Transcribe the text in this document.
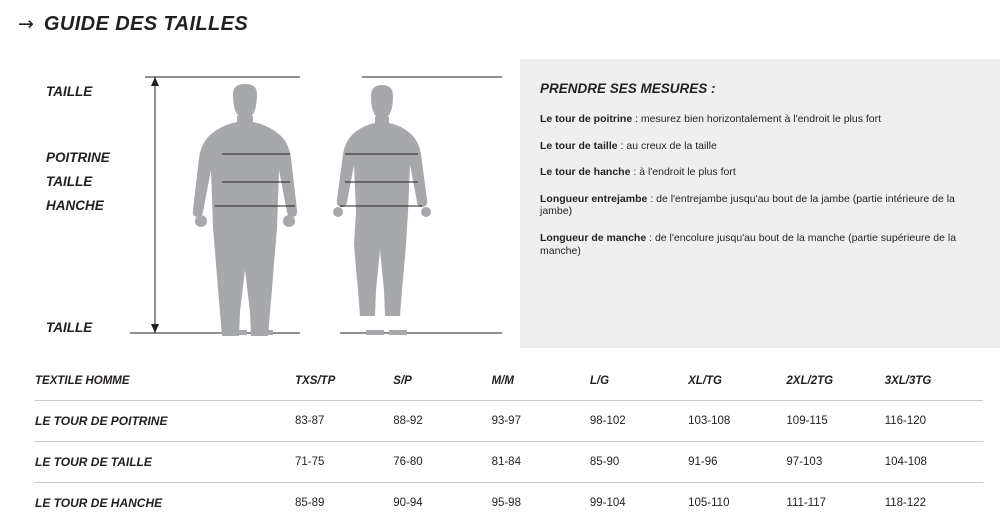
→ GUIDE DES TAILLES
TAILLE
POITRINE
TAILLE
HANCHE
TAILLE
PRENDRE SES MESURES :
Le tour de poitrine : mesurez bien horizontalement à l'endroit le plus fort
Le tour de taille : au creux de la taille
Le tour de hanche : à l'endroit le plus fort
Longueur entrejambe : de l'entrejambe jusqu'au bout de la jambe (partie intérieure de la jambe)
Longueur de manche : de l'encolure jusqu'au bout de la manche (partie supérieure de la manche)
TEXTILE HOMME	TXS/TP	S/P	M/M	L/G	XL/TG	2XL/2TG	3XL/3TG
LE TOUR DE POITRINE	83-87	88-92	93-97	98-102	103-108	109-115	116-120
LE TOUR DE TAILLE	71-75	76-80	81-84	85-90	91-96	97-103	104-108
LE TOUR DE HANCHE	85-89	90-94	95-98	99-104	105-110	111-117	118-122
